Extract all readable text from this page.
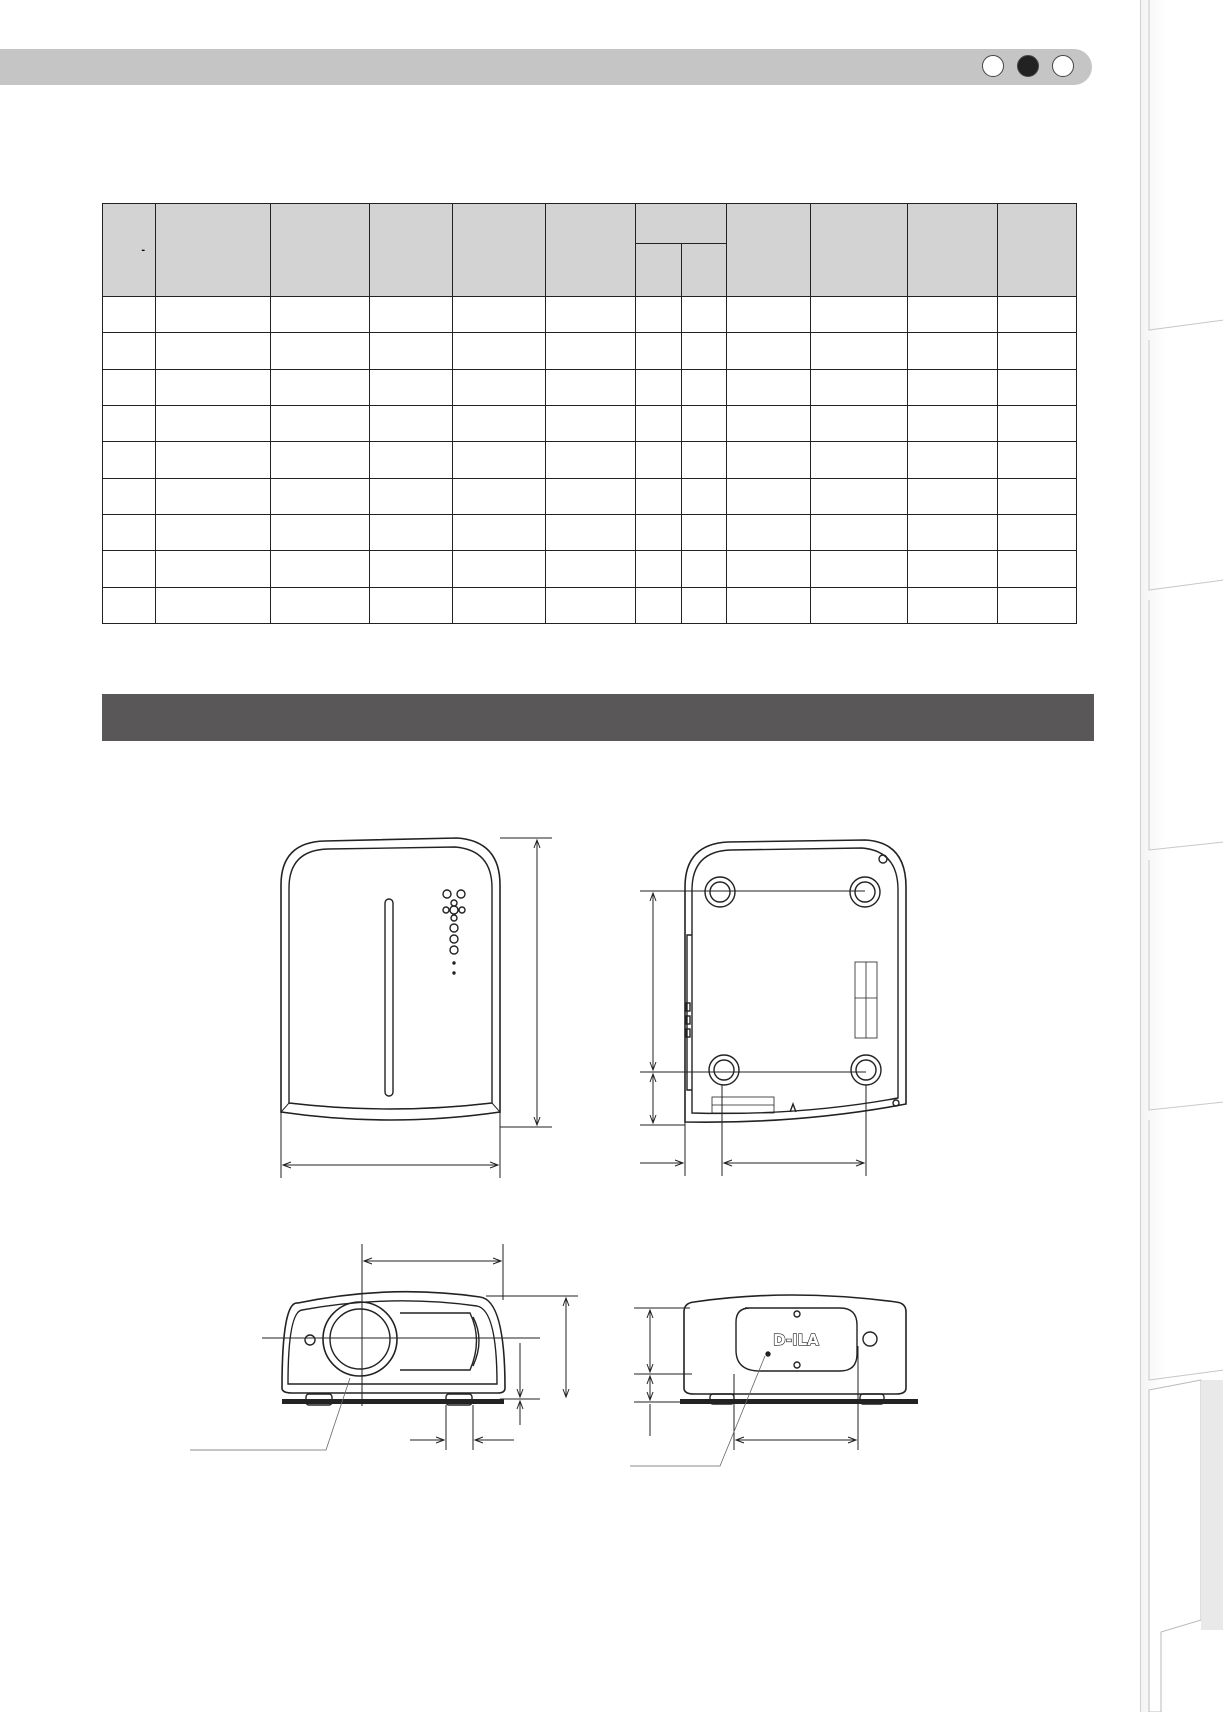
-											

D-ILA
